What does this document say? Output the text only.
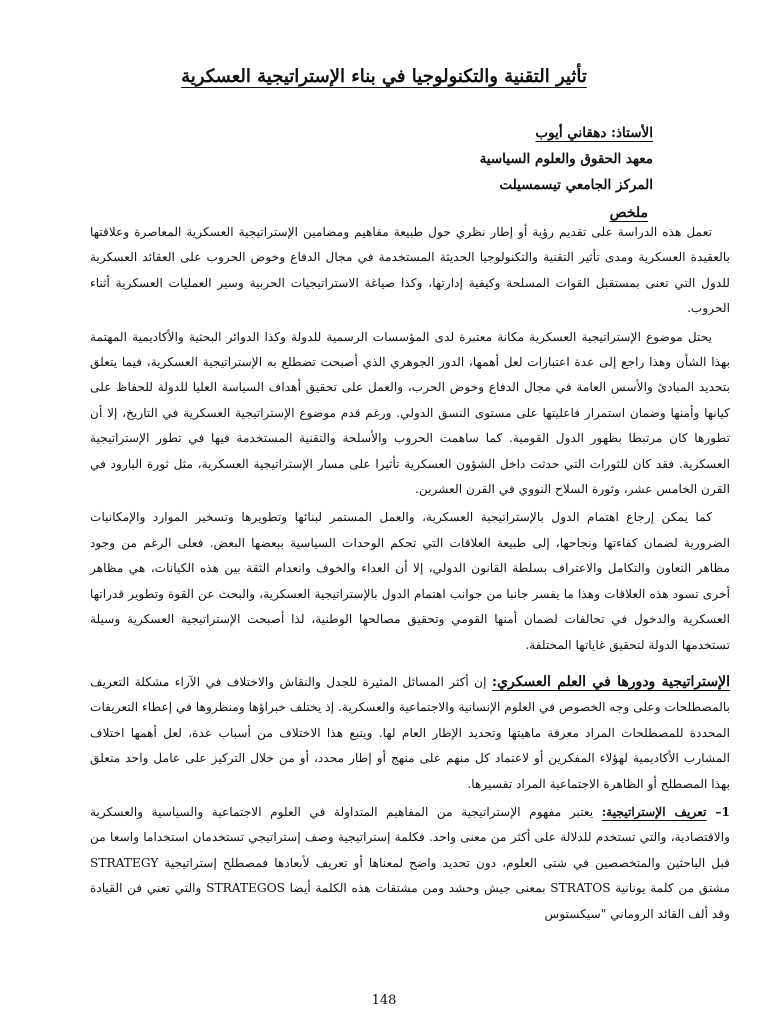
تأثير التقنية والتكنولوجيا في بناء الإستراتيجية العسكرية

الأستاذ: دهقاني أيوب

معهد الحقوق والعلوم السياسية

المركز الجامعي تيسمسيلت

ملخص

تعمل هذه الدراسة على تقديم رؤية أو إطار نظري حول طبيعة مفاهيم ومضامين الإستراتيجية العسكرية المعاصرة وعلاقتها بالعقيدة العسكرية ومدى تأثير التقنية والتكنولوجيا الحديثة المستخدمة في مجال الدفاع وخوض الحروب على العقائد العسكرية للدول التي تعنى بمستقبل القوات المسلحة وكيفية إدارتها، وكذا صياغة الاستراتيجيات الحربية وسير العمليات العسكرية أثناء الحروب.

يحتل موضوع الإستراتيجية العسكرية مكانة معتبرة لدى المؤسسات الرسمية للدولة وكذا الدوائر البحثية والأكاديمية المهتمة بهذا الشأن وهذا راجع إلى عدة اعتبارات لعل أهمها، الدور الجوهري الذي أصبحت تضطلع به الإستراتيجية العسكرية، فيما يتعلق بتحديد المبادئ والأسس العامة في مجال الدفاع وخوض الحرب، والعمل على تحقيق أهداف السياسة العليا للدولة للحفاظ على كيانها وأمنها وضمان استمرار فاعليتها على مستوى النسق الدولي. ورغم قدم موضوع الإستراتيجية العسكرية في التاريخ، إلا أن تطورها كان مرتبطا بظهور الدول القومية. كما ساهمت الحروب والأسلحة والتقنية المستخدمة فيها في تطور الإستراتيجية العسكرية. فقد كان للثورات التي حدثت داخل الشؤون العسكرية تأثيرا على مسار الإستراتيجية العسكرية، مثل ثورة البارود في القرن الخامس عشر، وثورة السلاح النووي في القرن العشرين.

كما يمكن إرجاع اهتمام الدول بالإستراتيجية العسكرية، والعمل المستمر لبنائها وتطويرها وتسخير الموارد والإمكانيات الضرورية لضمان كفاءتها ونجاحها، إلى طبيعة العلاقات التي تحكم الوحدات السياسية ببعضها البعض. فعلى الرغم من وجود مظاهر التعاون والتكامل والاعتراف بسلطة القانون الدولي، إلا أن العداء والخوف وانعدام الثقة بين هذه الكيانات، هي مظاهر أخرى تسود هذه العلاقات وهذا ما يفسر جانبا من جوانب اهتمام الدول بالإستراتيجية العسكرية، والبحث عن القوة وتطوير قدراتها العسكرية والدخول في تحالفات لضمان أمنها القومي وتحقيق مصالحها الوطنية، لذا أصبحت الإستراتيجية العسكرية وسيلة تستخدمها الدولة لتحقيق غاياتها المختلفة.

الإستراتيجية ودورها في العلم العسكري: إن أكثر المسائل المثيرة للجدل والنقاش والاختلاف في الآراء مشكلة التعريف بالمصطلحات وعلى وجه الخصوص في العلوم الإنسانية والاجتماعية والعسكرية. إذ يختلف خبراؤها ومنظروها في إعطاء التعريفات المحددة للمصطلحات المراد معرفة ماهيتها وتحديد الإطار العام لها. وينبع هذا الاختلاف من أسباب عدة، لعل أهمها اختلاف المشارب الأكاديمية لهؤلاء المفكرين أو لاعتماد كل منهم على منهج أو إطار محدد، أو من خلال التركيز على عامل واحد متعلق بهذا المصطلح أو الظاهرة الاجتماعية المراد تفسيرها.

1– تعريف الإستراتيجية: يعتبر مفهوم الإستراتيجية من المفاهيم المتداولة في العلوم الاجتماعية والسياسية والعسكرية والاقتصادية، والتي تستخدم للدلالة على أكثر من معنى واحد. فكلمة إستراتيجية وصف إستراتيجي تستخدمان استخداما واسعا من قبل الباحثين والمتخصصين في شتى العلوم، دون تحديد واضح لمعناها أو تعريف لأبعادها فمصطلح إستراتيجية STRATEGY مشتق من كلمة يونانية STRATOS بمعنى جيش وحشد ومن مشتقات هذه الكلمة أيضا STRATEGOS والتي تعني فن القيادة وقد ألف القائد الروماني "سيكستوس

148
